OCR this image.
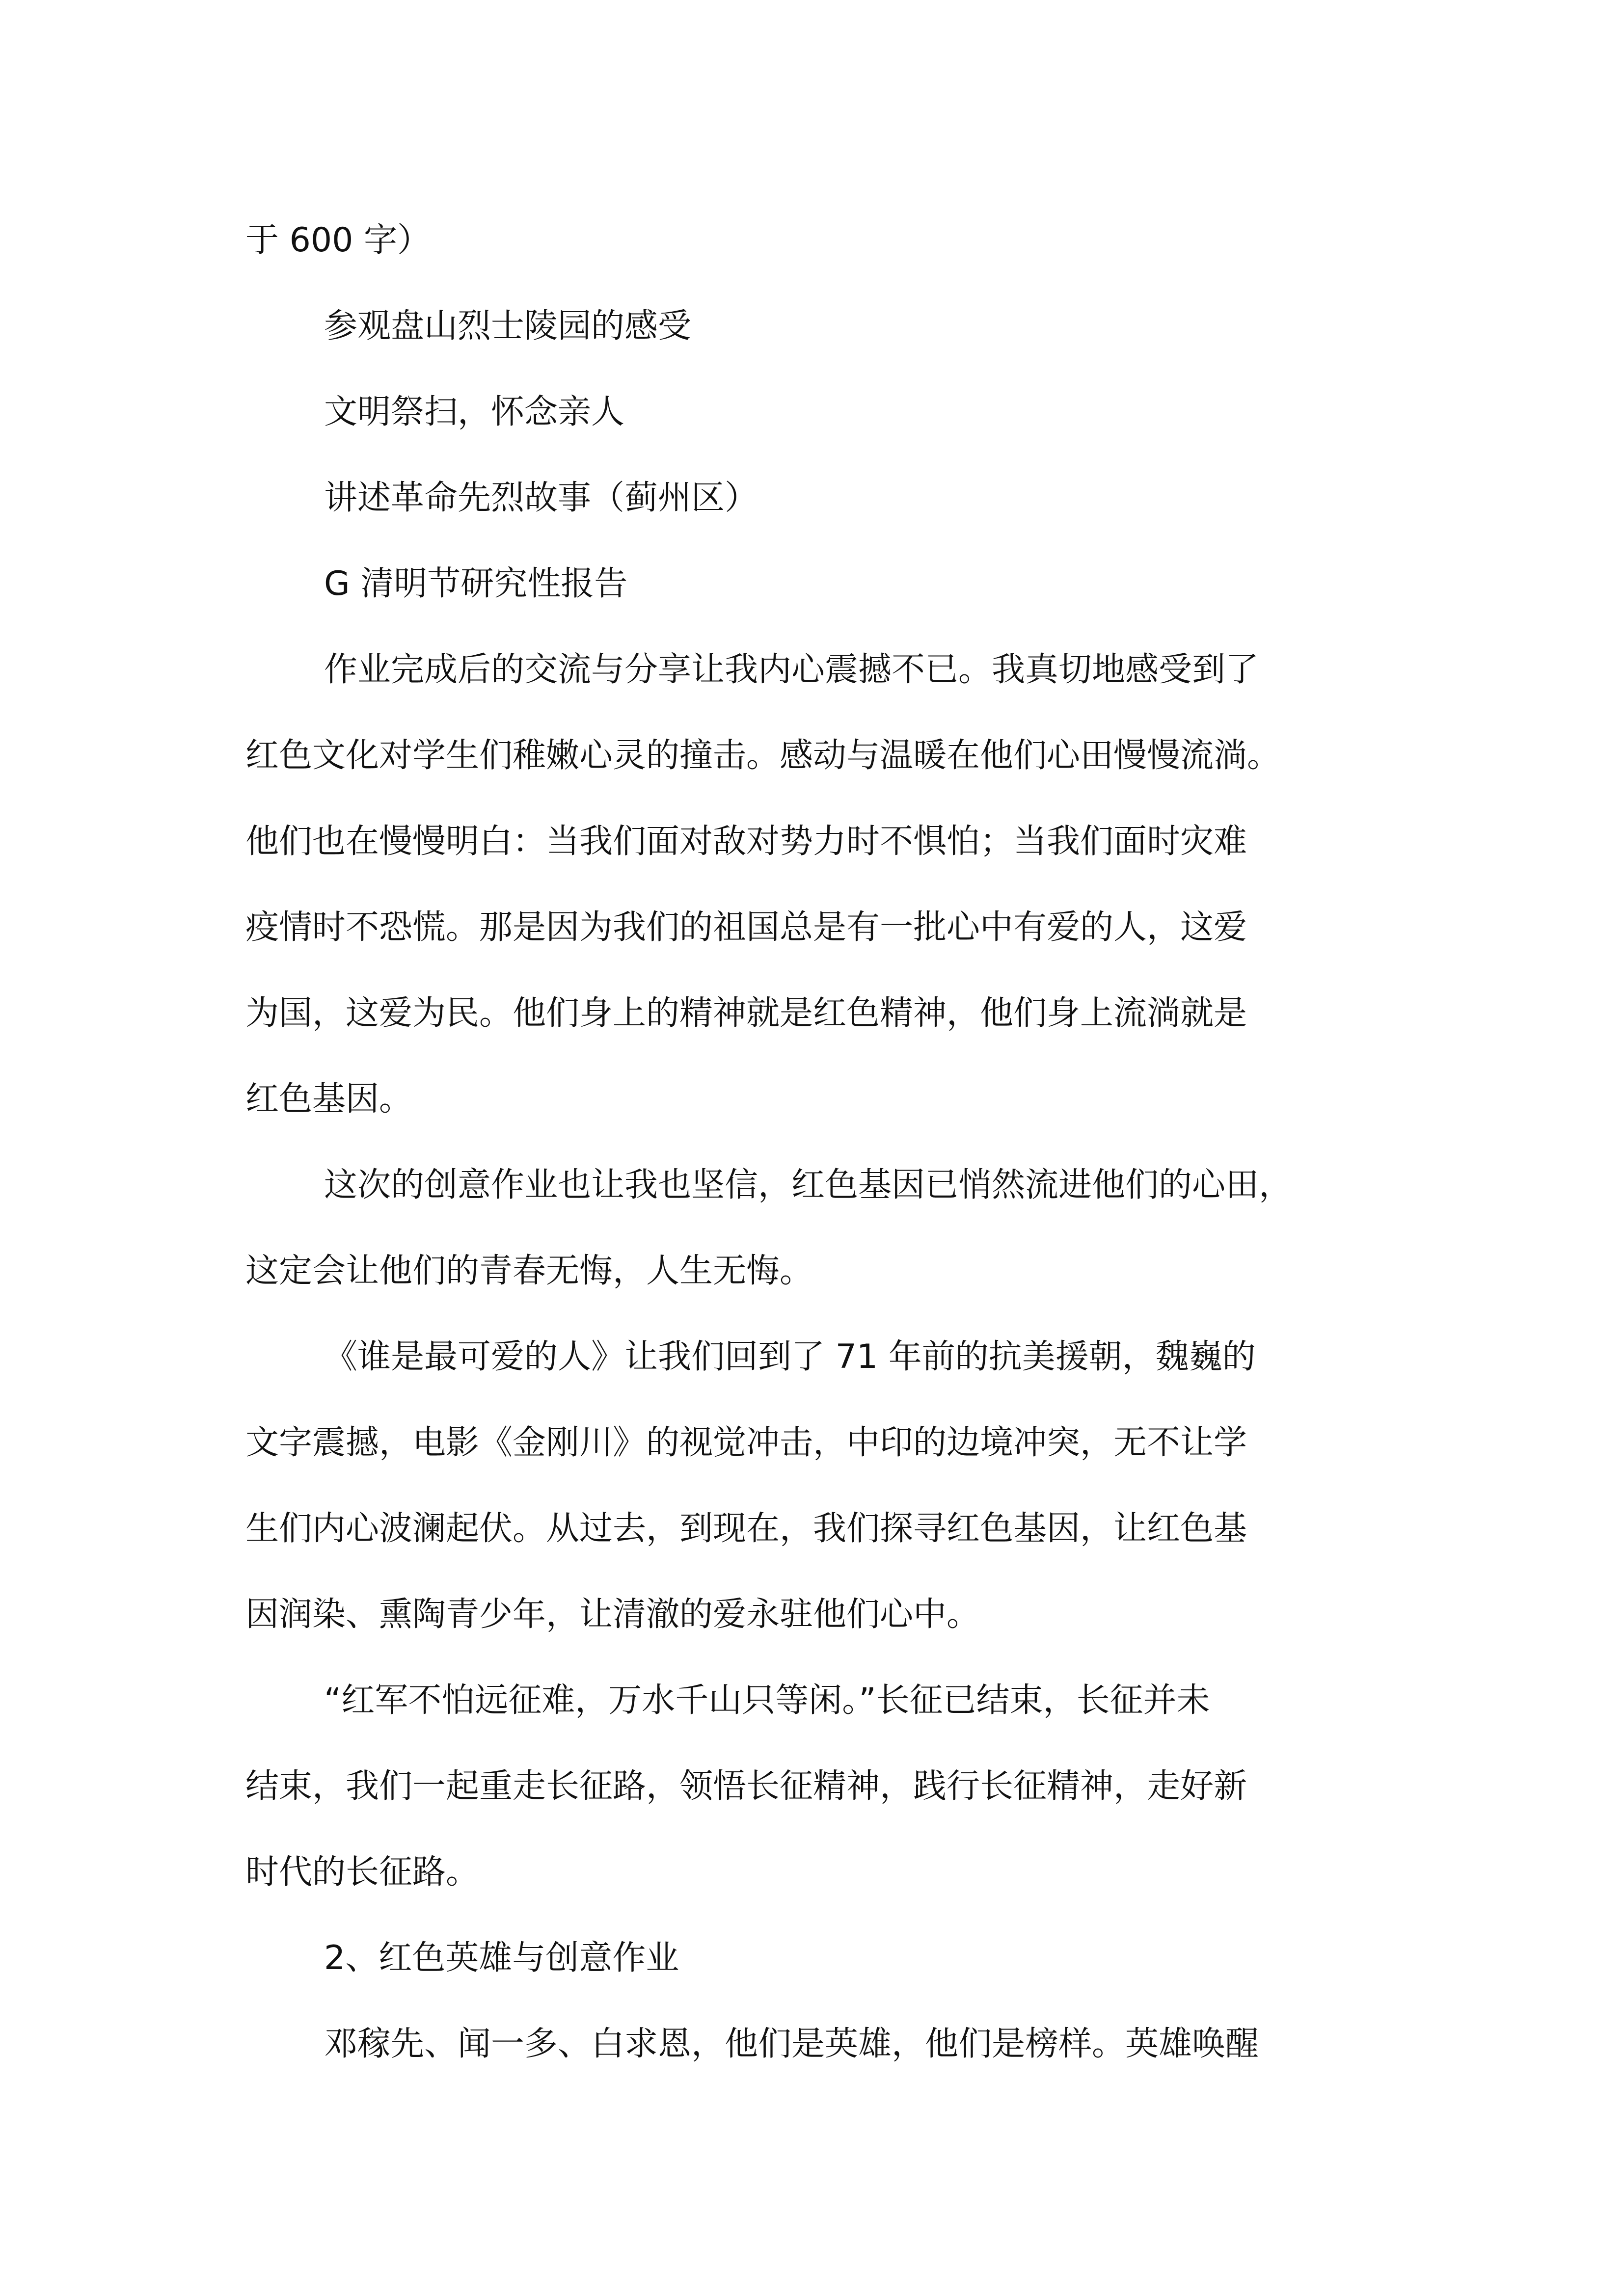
于 600 字）
参观盘山烈士陵园的感受
文明祭扫，怀念亲人
讲述革命先烈故事（蓟州区）
G 清明节研究性报告
作业完成后的交流与分享让我内心震撼不已。我真切地感受到了
红色文化对学生们稚嫩心灵的撞击。感动与温暖在他们心田慢慢流淌。
他们也在慢慢明白：当我们面对敌对势力时不惧怕；当我们面时灾难
疫情时不恐慌。那是因为我们的祖国总是有一批心中有爱的人，这爱
为国，这爱为民。他们身上的精神就是红色精神，他们身上流淌就是
红色基因。
这次的创意作业也让我也坚信，红色基因已悄然流进他们的心田，
这定会让他们的青春无悔，人生无悔。
《谁是最可爱的人》让我们回到了 71 年前的抗美援朝，魏巍的
文字震撼，电影《金刚川》的视觉冲击，中印的边境冲突，无不让学
生们内心波澜起伏。从过去，到现在，我们探寻红色基因，让红色基
因润染、熏陶青少年，让清澈的爱永驻他们心中。
“红军不怕远征难，万水千山只等闲。”长征已结束，长征并未
结束，我们一起重走长征路，领悟长征精神，践行长征精神，走好新
时代的长征路。
2、红色英雄与创意作业
邓稼先、闻一多、白求恩，他们是英雄，他们是榜样。英雄唤醒
